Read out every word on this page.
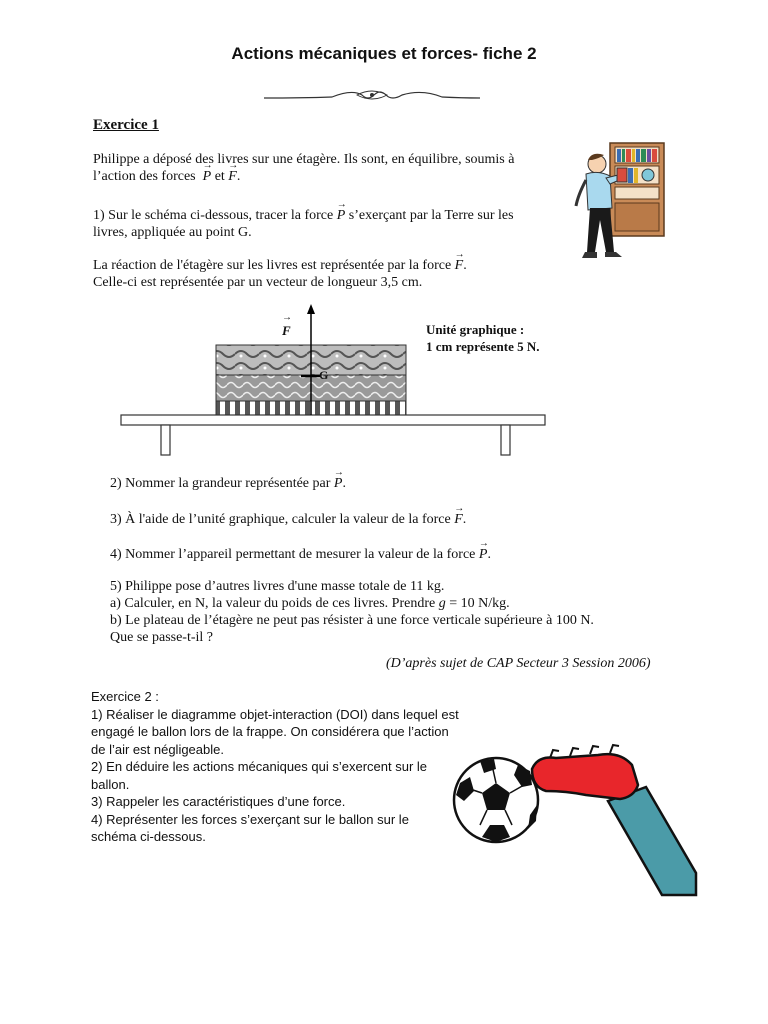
Actions mécaniques et forces- fiche 2
Exercice 1
Philippe a déposé des livres sur une étagère. Ils sont, en équilibre, soumis à
l’action des forces → P et → F.
1) Sur le schéma ci-dessous, tracer la force → P s’exerçant par la Terre sur les
livres, appliquée au point G.
La réaction de l'étagère sur les livres est représentée par la force → F.
Celle-ci est représentée par un vecteur de longueur 3,5 cm.
→ F
G
Unité graphique :
1 cm représente 5 N.
2) Nommer la grandeur représentée par → P.
3) À l'aide de l’unité graphique, calculer la valeur de la force → F.
4) Nommer l’appareil permettant de mesurer la valeur de la force → P.
5) Philippe pose d’autres livres d'une masse totale de 11 kg.
a) Calculer, en N, la valeur du poids de ces livres. Prendre g = 10 N/kg.
b) Le plateau de l’étagère ne peut pas résister à une force verticale supérieure à 100 N.
Que se passe-t-il ?
(D’après sujet de CAP Secteur 3 Session 2006)
Exercice 2 :
1) Réaliser le diagramme objet-interaction (DOI) dans lequel est
engagé le ballon lors de la frappe. On considérera que l’action
de l’air est négligeable.
2) En déduire les actions mécaniques qui s’exercent sur le
ballon.
3) Rappeler les caractéristiques d’une force.
4) Représenter les forces s’exerçant sur le ballon sur le
schéma ci-dessous.
